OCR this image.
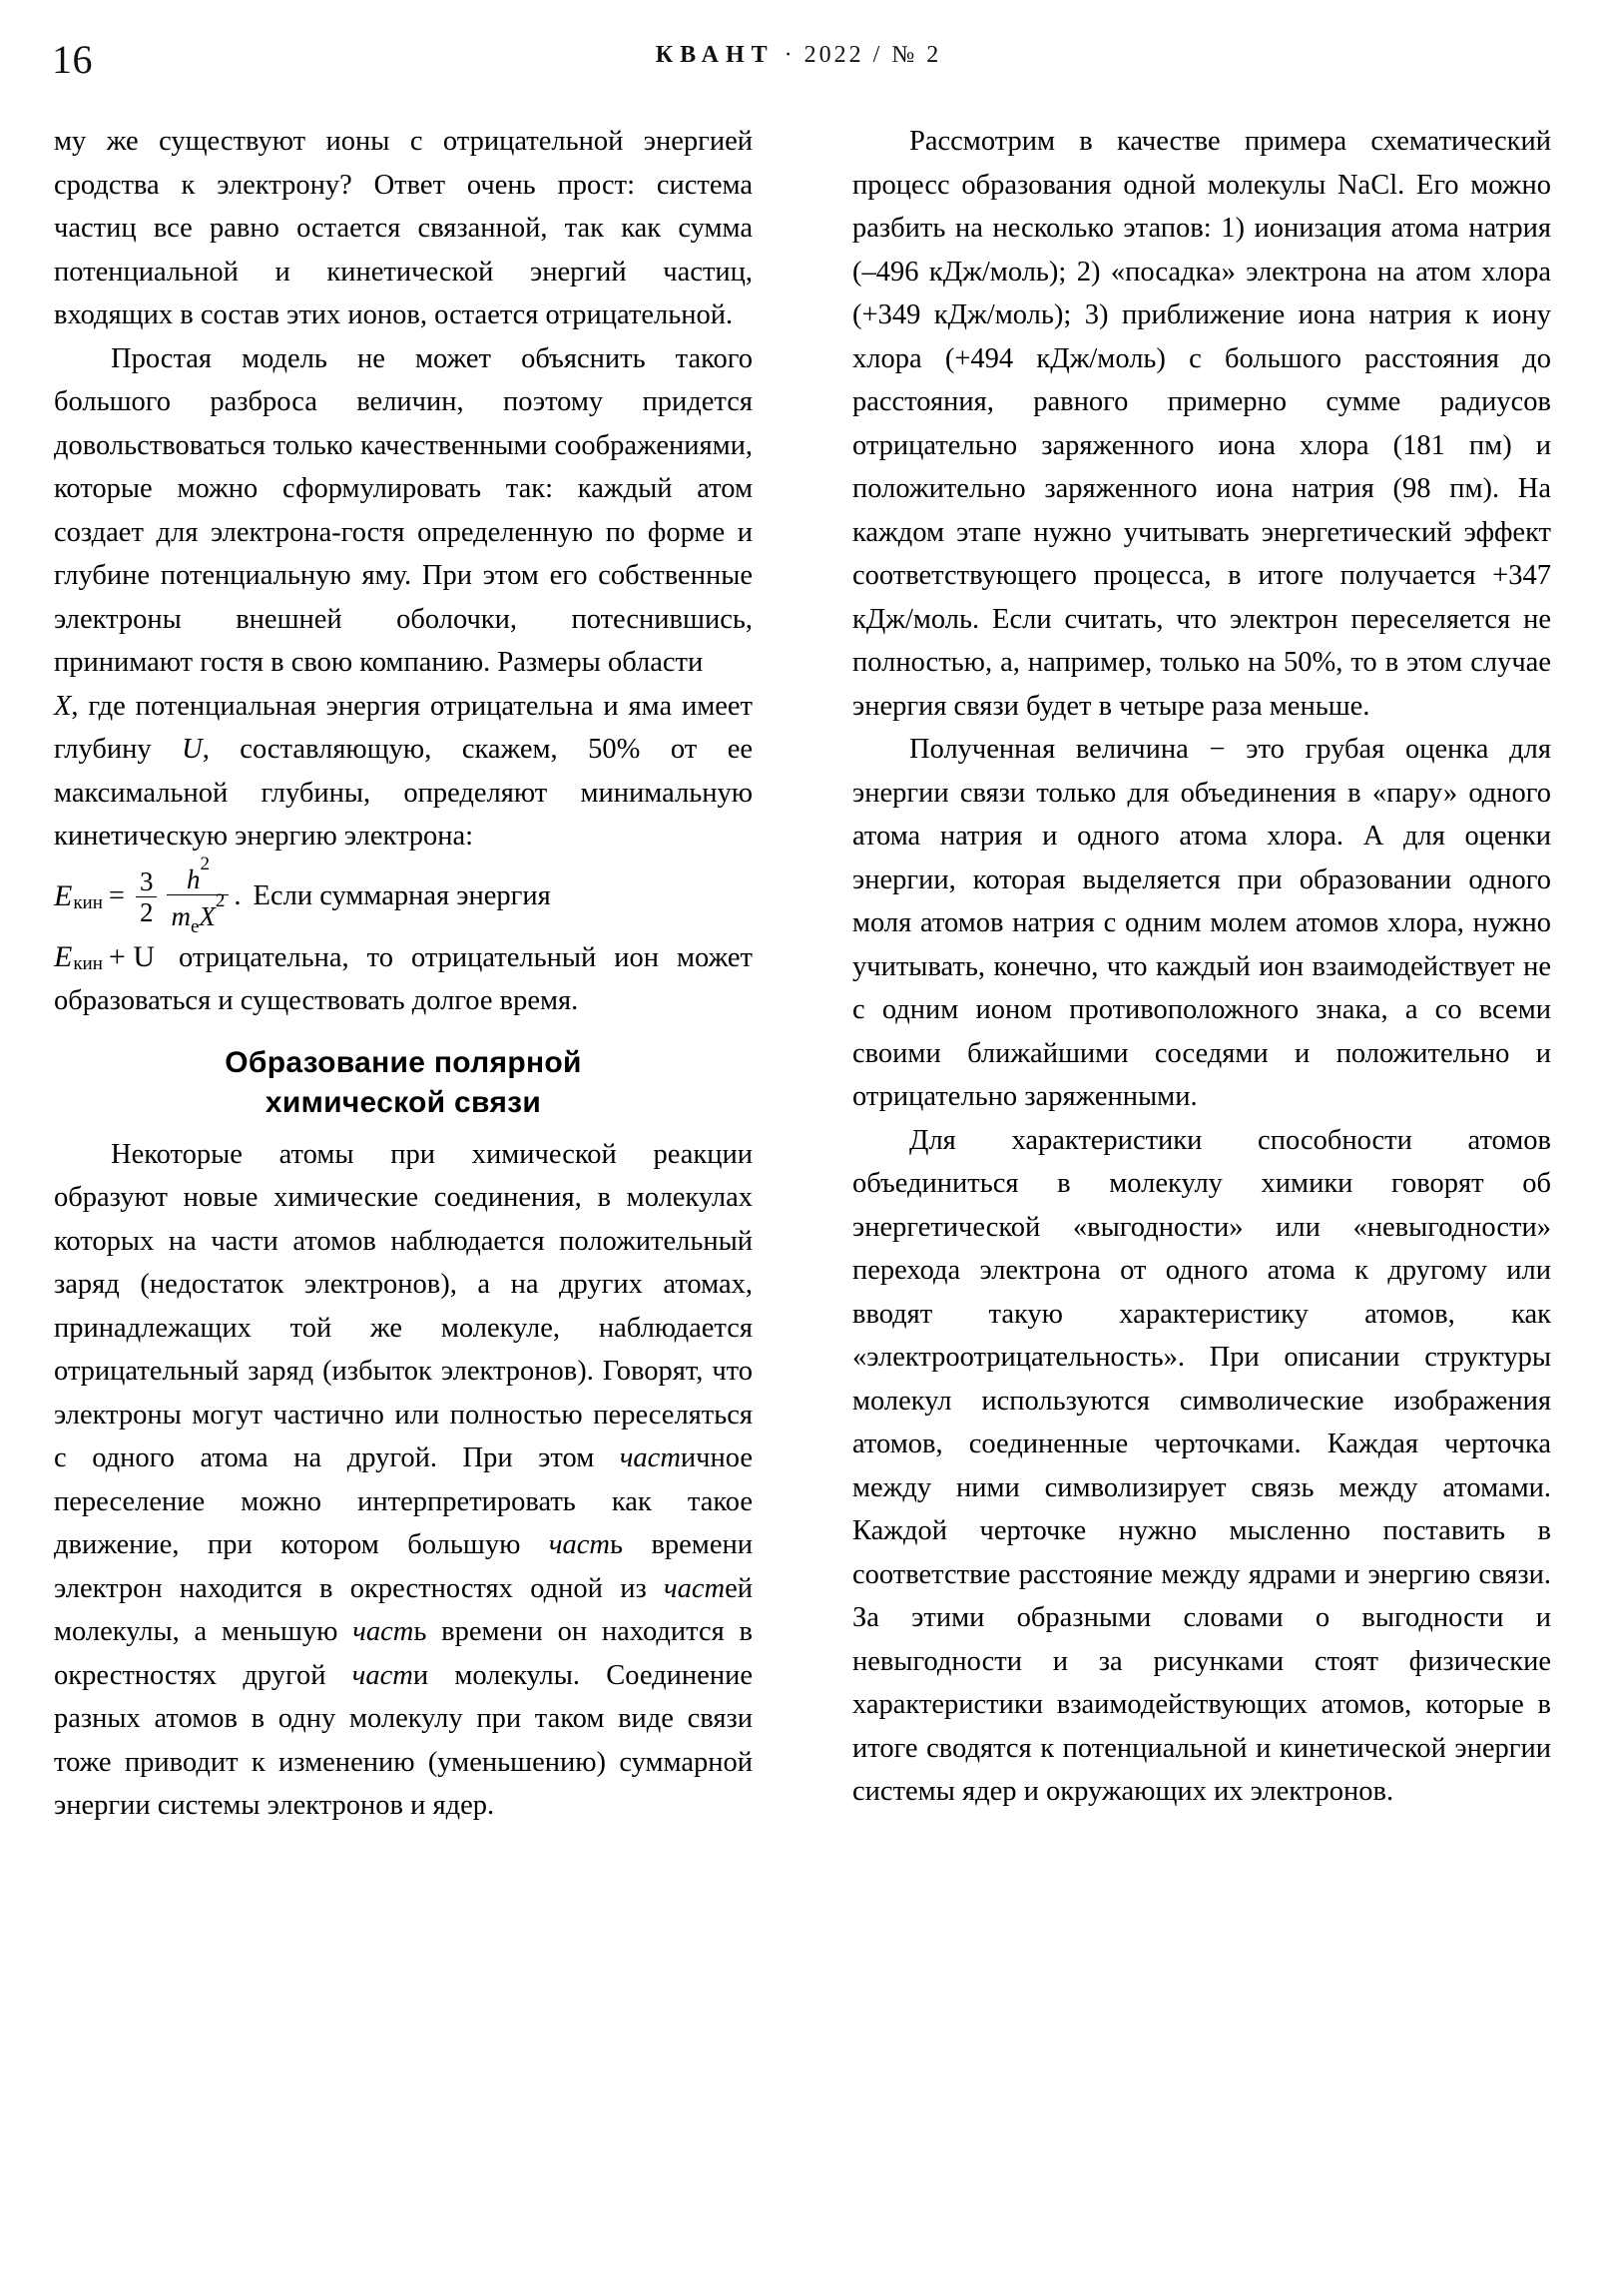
16	КВАНТ · 2022 / № 2

му же существуют ионы с отрицательной энергией сродства к электрону? Ответ очень прост: система частиц все равно остается связанной, так как сумма потенциальной и кинетической энергий частиц, входящих в состав этих ионов, остается отрицательной.

Простая модель не может объяснить такого большого разброса величин, поэтому придется довольствоваться только качественными соображениями, которые можно сформулировать так: каждый атом создает для электрона-гостя определенную по форме и глубине потенциальную яму. При этом его собственные электроны внешней оболочки, потеснившись, принимают гостя в свою компанию. Размеры области

X, где потенциальная энергия отрицательна и яма имеет глубину U, составляющую, скажем, 50% от ее максимальной глубины, определяют минимальную кинетическую энергию электрона:

E кин = $\frac{3}{2} \frac{h^2}{m_eX^2}$ . Если суммарная энергия

E кин + U отрицательна, то отрицательный ион может образоваться и существовать долгое время.

Образование полярной
химической связи

Некоторые атомы при химической реакции образуют новые химические соединения, в молекулах которых на части атомов наблюдается положительный заряд (недостаток электронов), а на других атомах, принадлежащих той же молекуле, наблюдается отрицательный заряд (избыток электронов). Говорят, что электроны могут частично или полностью переселяться с одного атома на другой. При этом частичное переселение можно интерпретировать как такое движение, при котором большую часть времени электрон находится в окрестностях одной из частей молекулы, а меньшую часть времени он находится в окрестностях другой части молекулы. Соединение разных атомов в одну молекулу при таком виде связи тоже приводит к изменению (уменьшению) суммарной энергии системы электронов и ядер.

Рассмотрим в качестве примера схематический процесс образования одной молекулы NaCl. Его можно разбить на несколько этапов: 1) ионизация атома натрия (–496 кДж/моль); 2) «посадка» электрона на атом хлора (+349 кДж/моль); 3) приближение иона натрия к иону хлора (+494 кДж/моль) с большого расстояния до расстояния, равного примерно сумме радиусов отрицательно заряженного иона хлора (181 пм) и положительно заряженного иона натрия (98 пм). На каждом этапе нужно учитывать энергетический эффект соответствующего процесса, в итоге получается +347 кДж/моль. Если считать, что электрон переселяется не полностью, а, например, только на 50%, то в этом случае энергия связи будет в четыре раза меньше.

Полученная величина − это грубая оценка для энергии связи только для объединения в «пару» одного атома натрия и одного атома хлора. А для оценки энергии, которая выделяется при образовании одного моля атомов натрия с одним молем атомов хлора, нужно учитывать, конечно, что каждый ион взаимодействует не с одним ионом противоположного знака, а со всеми своими ближайшими соседями и положительно и отрицательно заряженными.

Для характеристики способности атомов объединиться в молекулу химики говорят об энергетической «выгодности» или «невыгодности» перехода электрона от одного атома к другому или вводят такую характеристику атомов, как «электроотрицательность». При описании структуры молекул используются символические изображения атомов, соединенные черточками. Каждая черточка между ними символизирует связь между атомами. Каждой черточке нужно мысленно поставить в соответствие расстояние между ядрами и энергию связи. За этими образными словами о выгодности и невыгодности и за рисунками стоят физические характеристики взаимодействующих атомов, которые в итоге сводятся к потенциальной и кинетической энергии системы ядер и окружающих их электронов.
